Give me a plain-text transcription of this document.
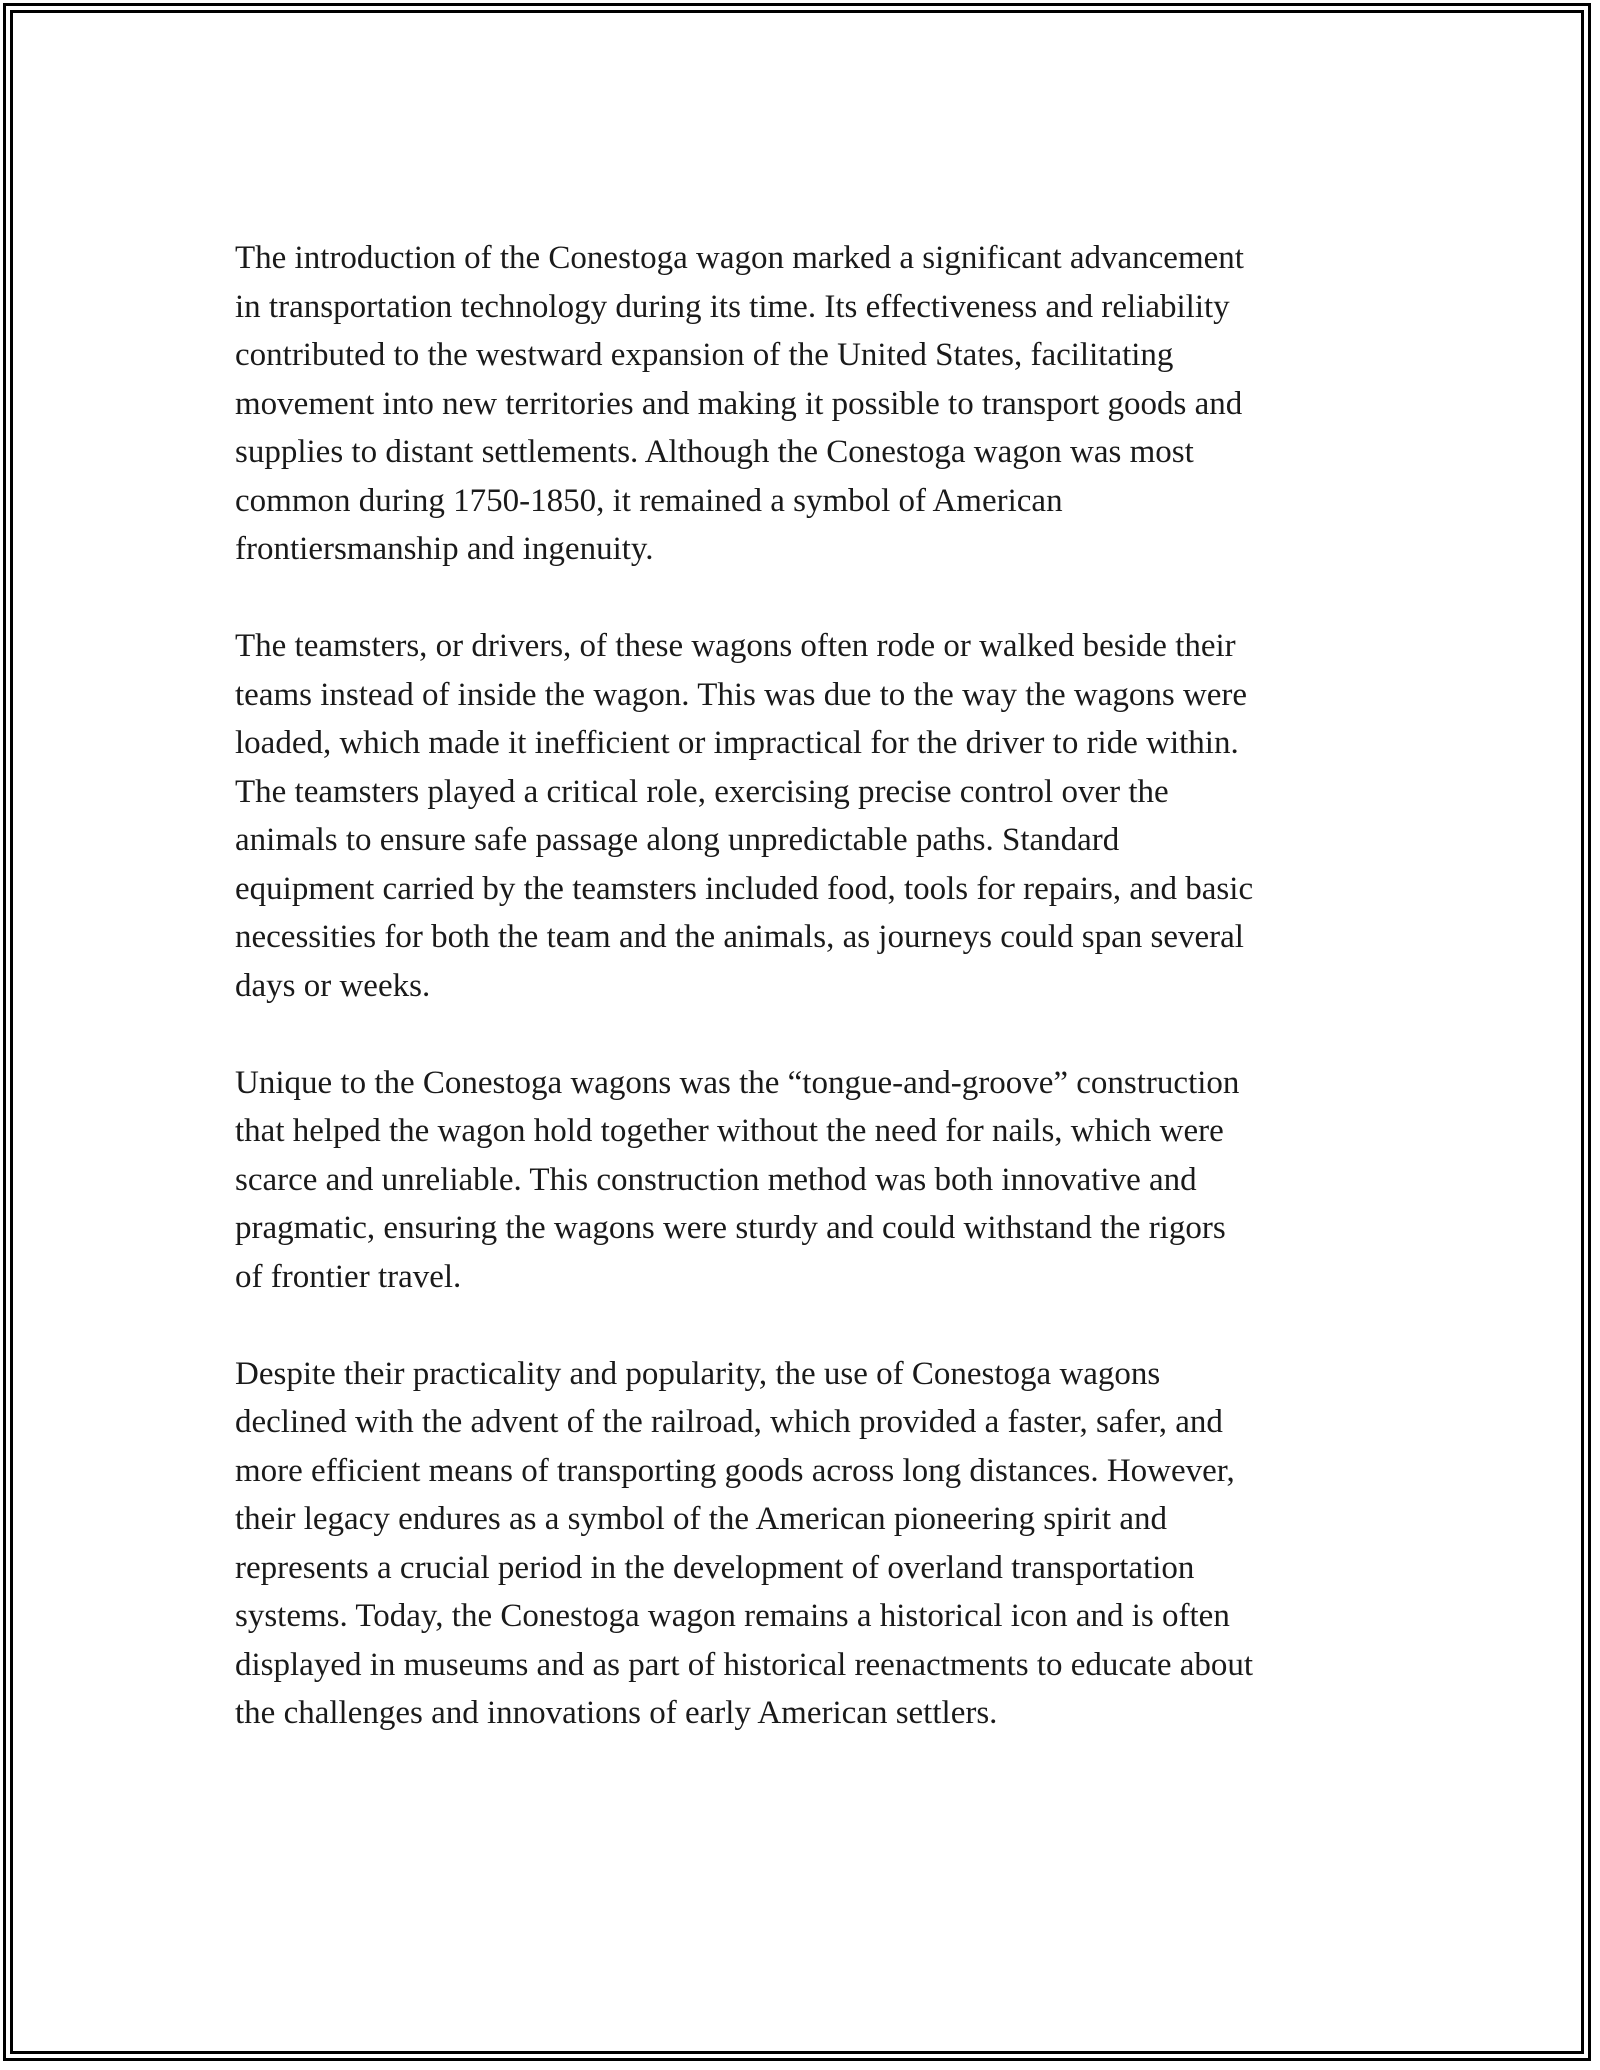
The introduction of the Conestoga wagon marked a significant advancement
in transportation technology during its time. Its effectiveness and reliability
contributed to the westward expansion of the United States, facilitating
movement into new territories and making it possible to transport goods and
supplies to distant settlements. Although the Conestoga wagon was most
common during 1750-1850, it remained a symbol of American
frontiersmanship and ingenuity.

The teamsters, or drivers, of these wagons often rode or walked beside their
teams instead of inside the wagon. This was due to the way the wagons were
loaded, which made it inefficient or impractical for the driver to ride within.
The teamsters played a critical role, exercising precise control over the
animals to ensure safe passage along unpredictable paths. Standard
equipment carried by the teamsters included food, tools for repairs, and basic
necessities for both the team and the animals, as journeys could span several
days or weeks.

Unique to the Conestoga wagons was the “tongue-and-groove” construction
that helped the wagon hold together without the need for nails, which were
scarce and unreliable. This construction method was both innovative and
pragmatic, ensuring the wagons were sturdy and could withstand the rigors
of frontier travel.

Despite their practicality and popularity, the use of Conestoga wagons
declined with the advent of the railroad, which provided a faster, safer, and
more efficient means of transporting goods across long distances. However,
their legacy endures as a symbol of the American pioneering spirit and
represents a crucial period in the development of overland transportation
systems. Today, the Conestoga wagon remains a historical icon and is often
displayed in museums and as part of historical reenactments to educate about
the challenges and innovations of early American settlers.
